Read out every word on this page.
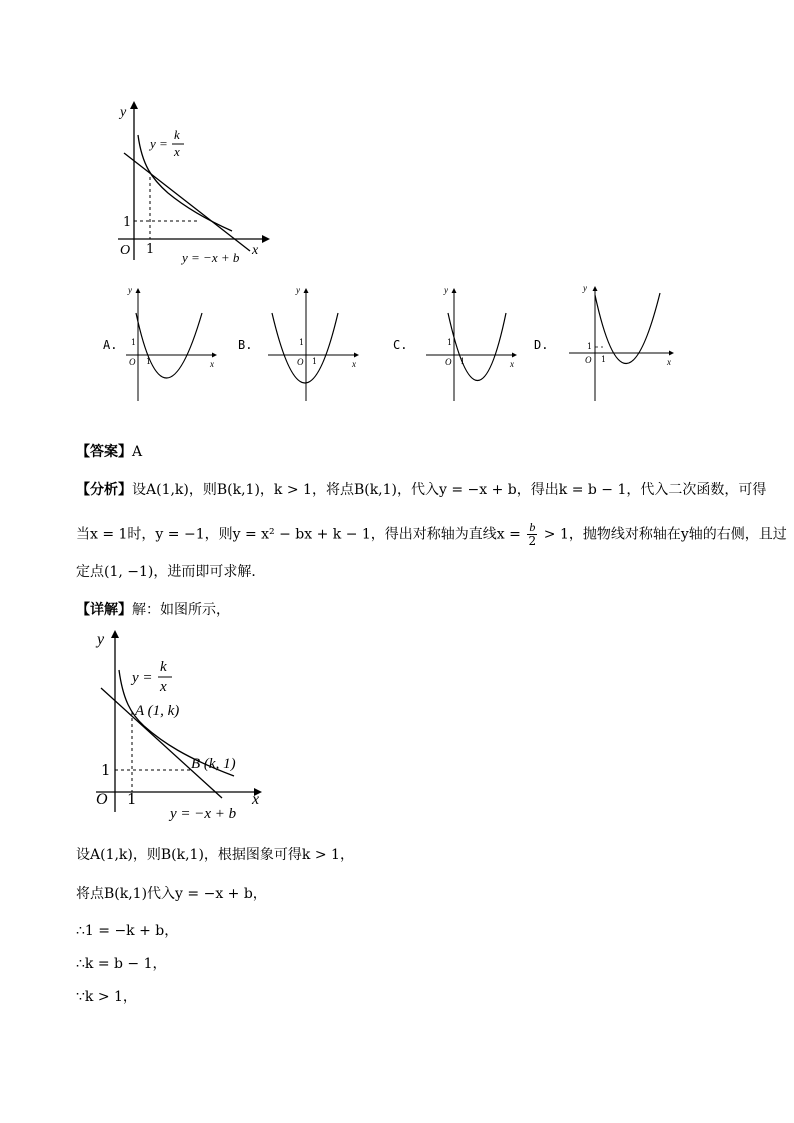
y
x
O 1
1
y =
k
x
y = −x + b
A.
y
x
O 1
1	B.
y
x
O 1
1	C.
y
x
O 1
1	D.
y
x
O 1
1
【答案】A
【分析】设A(1,k)，则B(k,1)，k > 1，将点B(k,1)，代入y = −x + b，得出k = b − 1，代入二次函数，可得
当x = 1时，y = −1，则y = x² − bx + k − 1，得出对称轴为直线$x = \frac{b}{2} > 1$，抛物线对称轴在y轴的右侧，且过
定点(1, −1)，进而即可求解．
【详解】解：如图所示，
y
x
O 1
1
y =
k
x
A (1, k)
B (k, 1)
y = −x + b
设A(1,k)，则B(k,1)，根据图象可得k > 1，
将点B(k,1)代入y = −x + b，
∴1 = −k + b，
∴k = b − 1，
∵k > 1，
